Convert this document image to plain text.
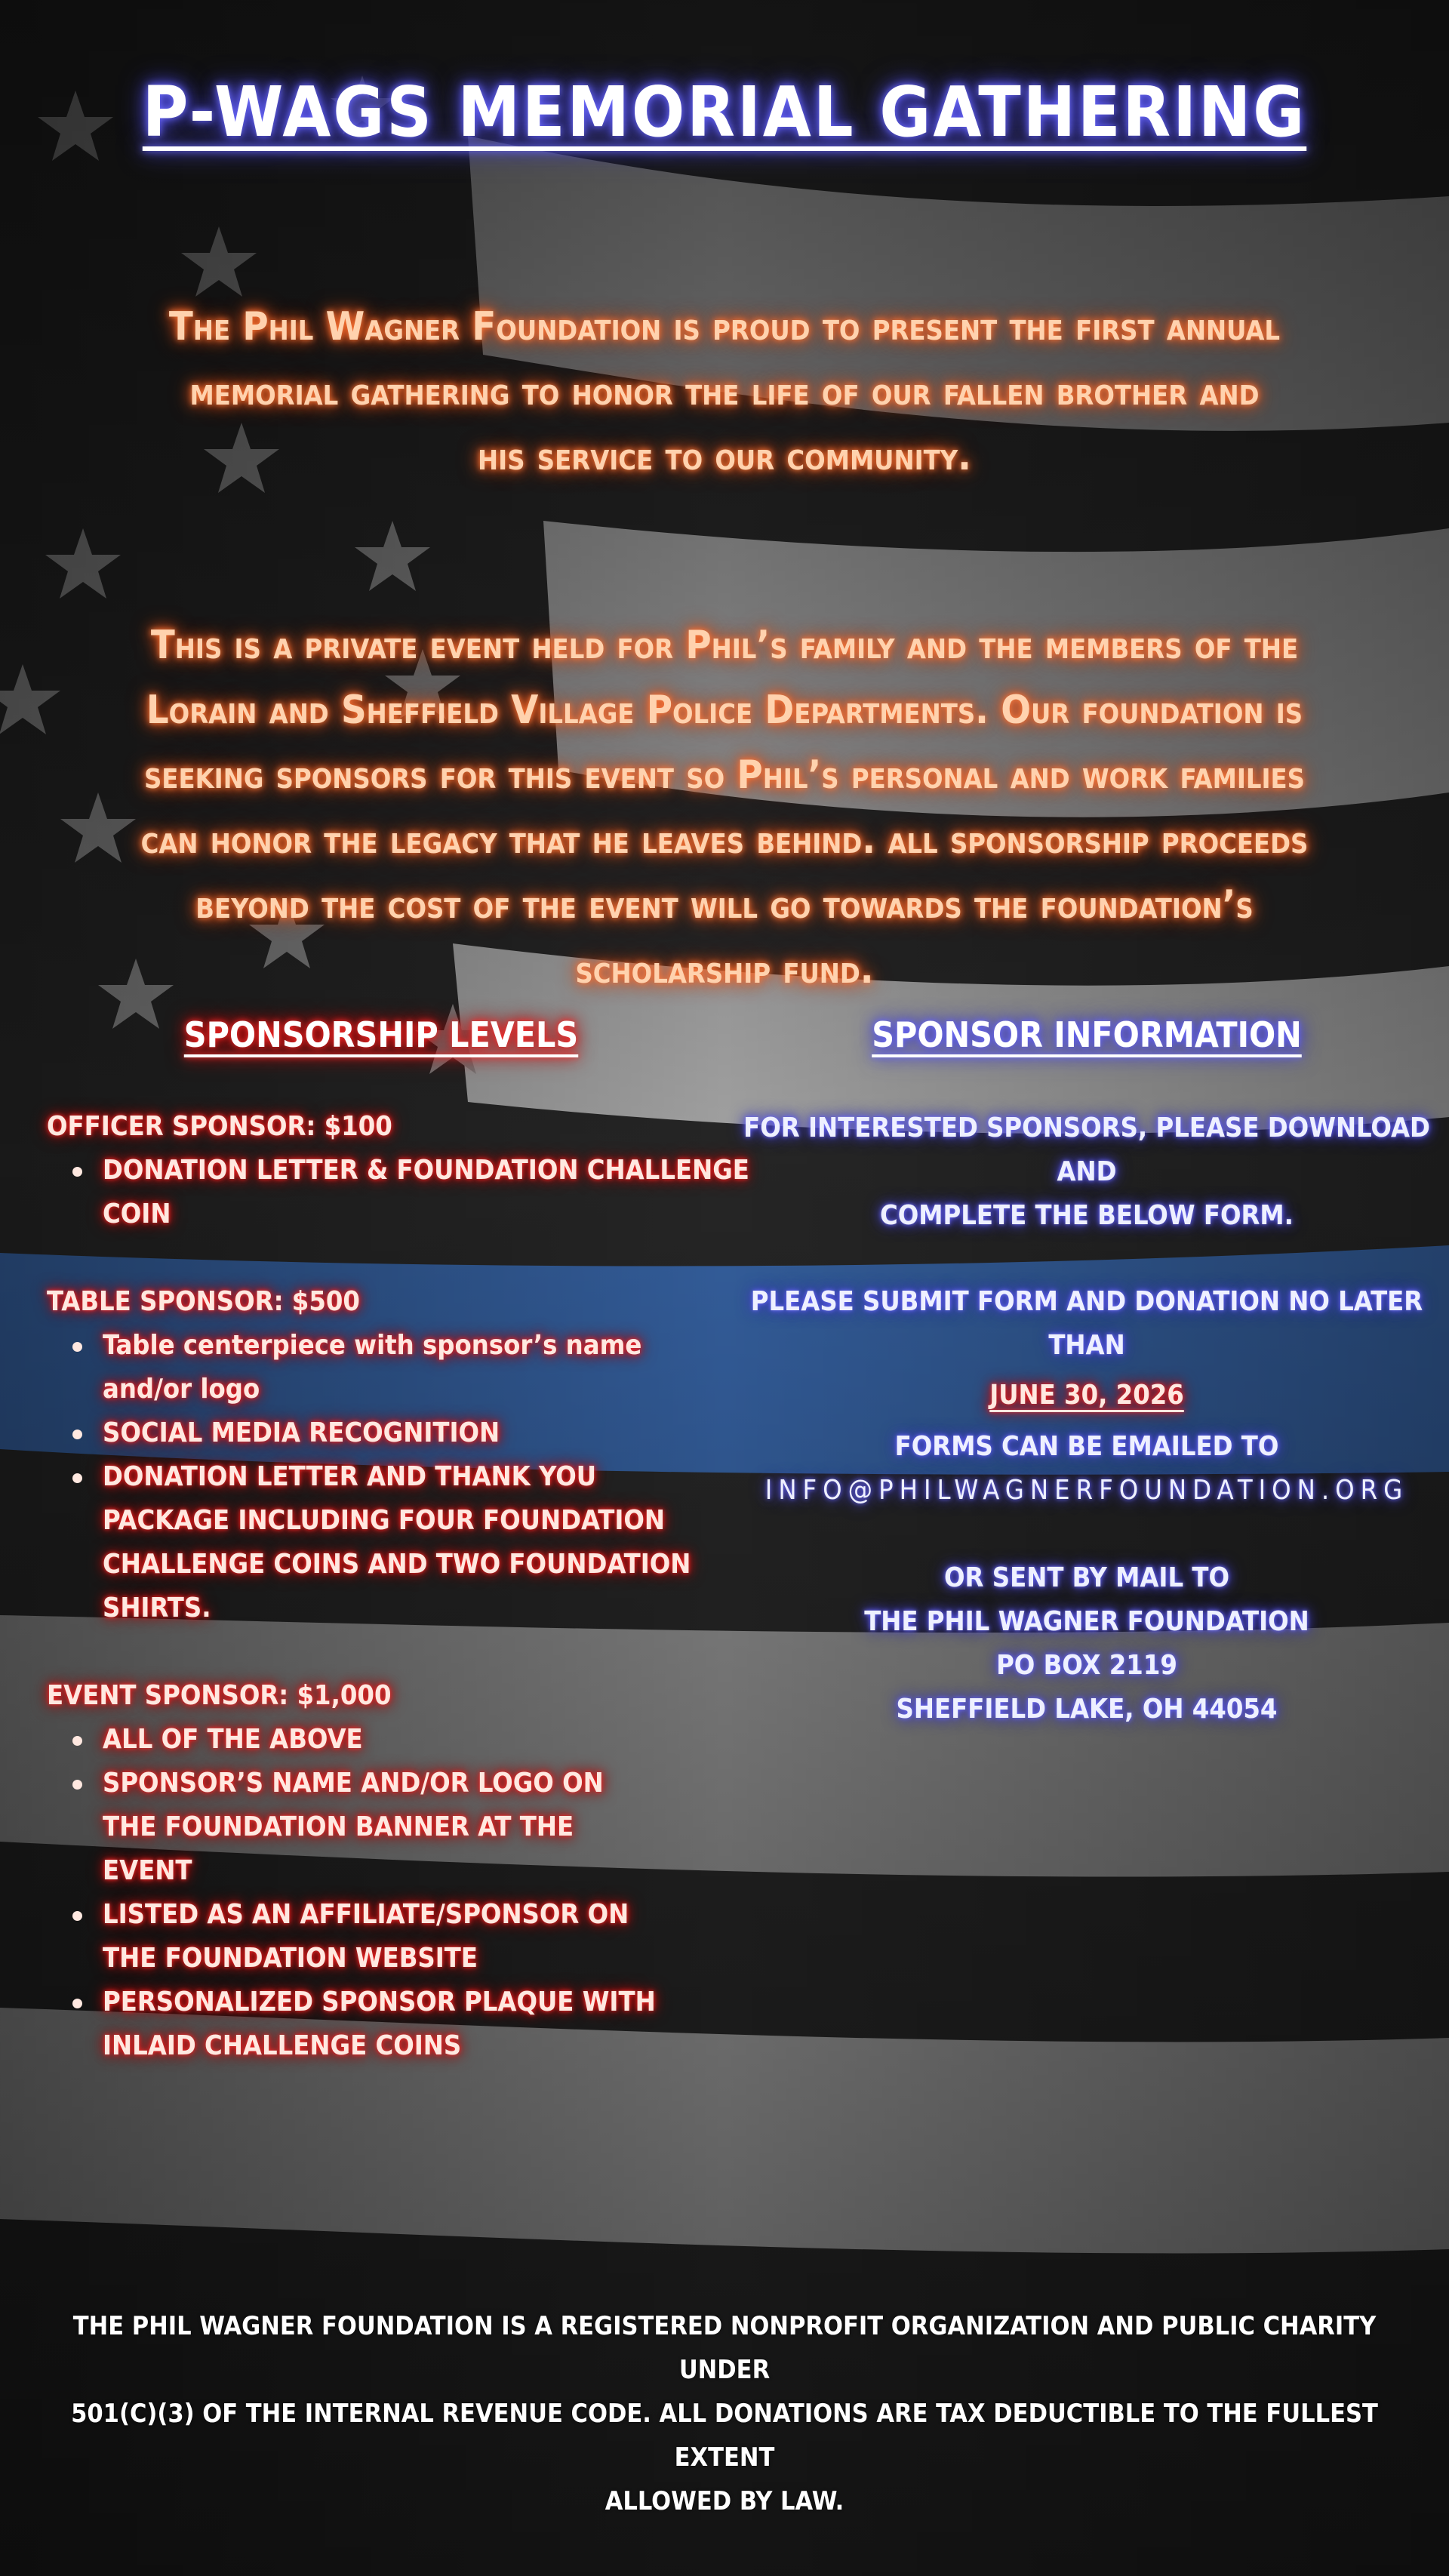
P-WAGS MEMORIAL GATHERING
The Phil Wagner Foundation is proud to present the first annual
memorial gathering to honor the life of our fallen brother and
his service to our community.
This is a private event held for Phil’s family and the members of the
Lorain and Sheffield Village Police Departments. Our foundation is
seeking sponsors for this event so Phil’s personal and work families
can honor the legacy that he leaves behind. all sponsorship proceeds
beyond the cost of the event will go towards the foundation’s
scholarship fund.
SPONSORSHIP LEVELS	SPONSOR INFORMATION

OFFICER SPONSOR: $100

DONATION LETTER & FOUNDATION CHALLENGE COIN

TABLE SPONSOR: $500

Table centerpiece with sponsor’s name and/or logo
SOCIAL MEDIA RECOGNITION
DONATION LETTER AND THANK YOU PACKAGE INCLUDING FOUR FOUNDATION CHALLENGE COINS AND TWO FOUNDATION SHIRTS.

EVENT SPONSOR: $1,000

ALL OF THE ABOVE
SPONSOR’S NAME AND/OR LOGO ON THE FOUNDATION BANNER AT THE EVENT
LISTED AS AN AFFILIATE/SPONSOR ON THE FOUNDATION WEBSITE
PERSONALIZED SPONSOR PLAQUE WITH INLAID CHALLENGE COINS

FOR INTERESTED SPONSORS, PLEASE DOWNLOAD AND

COMPLETE THE BELOW FORM.

PLEASE SUBMIT FORM AND DONATION NO LATER THAN

JUNE 30, 2026

FORMS CAN BE EMAILED TO

INFO@PHILWAGNERFOUNDATION.ORG

OR SENT BY MAIL TO

THE PHIL WAGNER FOUNDATION

PO BOX 2119

SHEFFIELD LAKE, OH 44054

THE PHIL WAGNER FOUNDATION IS A REGISTERED NONPROFIT ORGANIZATION AND PUBLIC CHARITY UNDER
501(C)(3) OF THE INTERNAL REVENUE CODE. ALL DONATIONS ARE TAX DEDUCTIBLE TO THE FULLEST EXTENT
ALLOWED BY LAW.
